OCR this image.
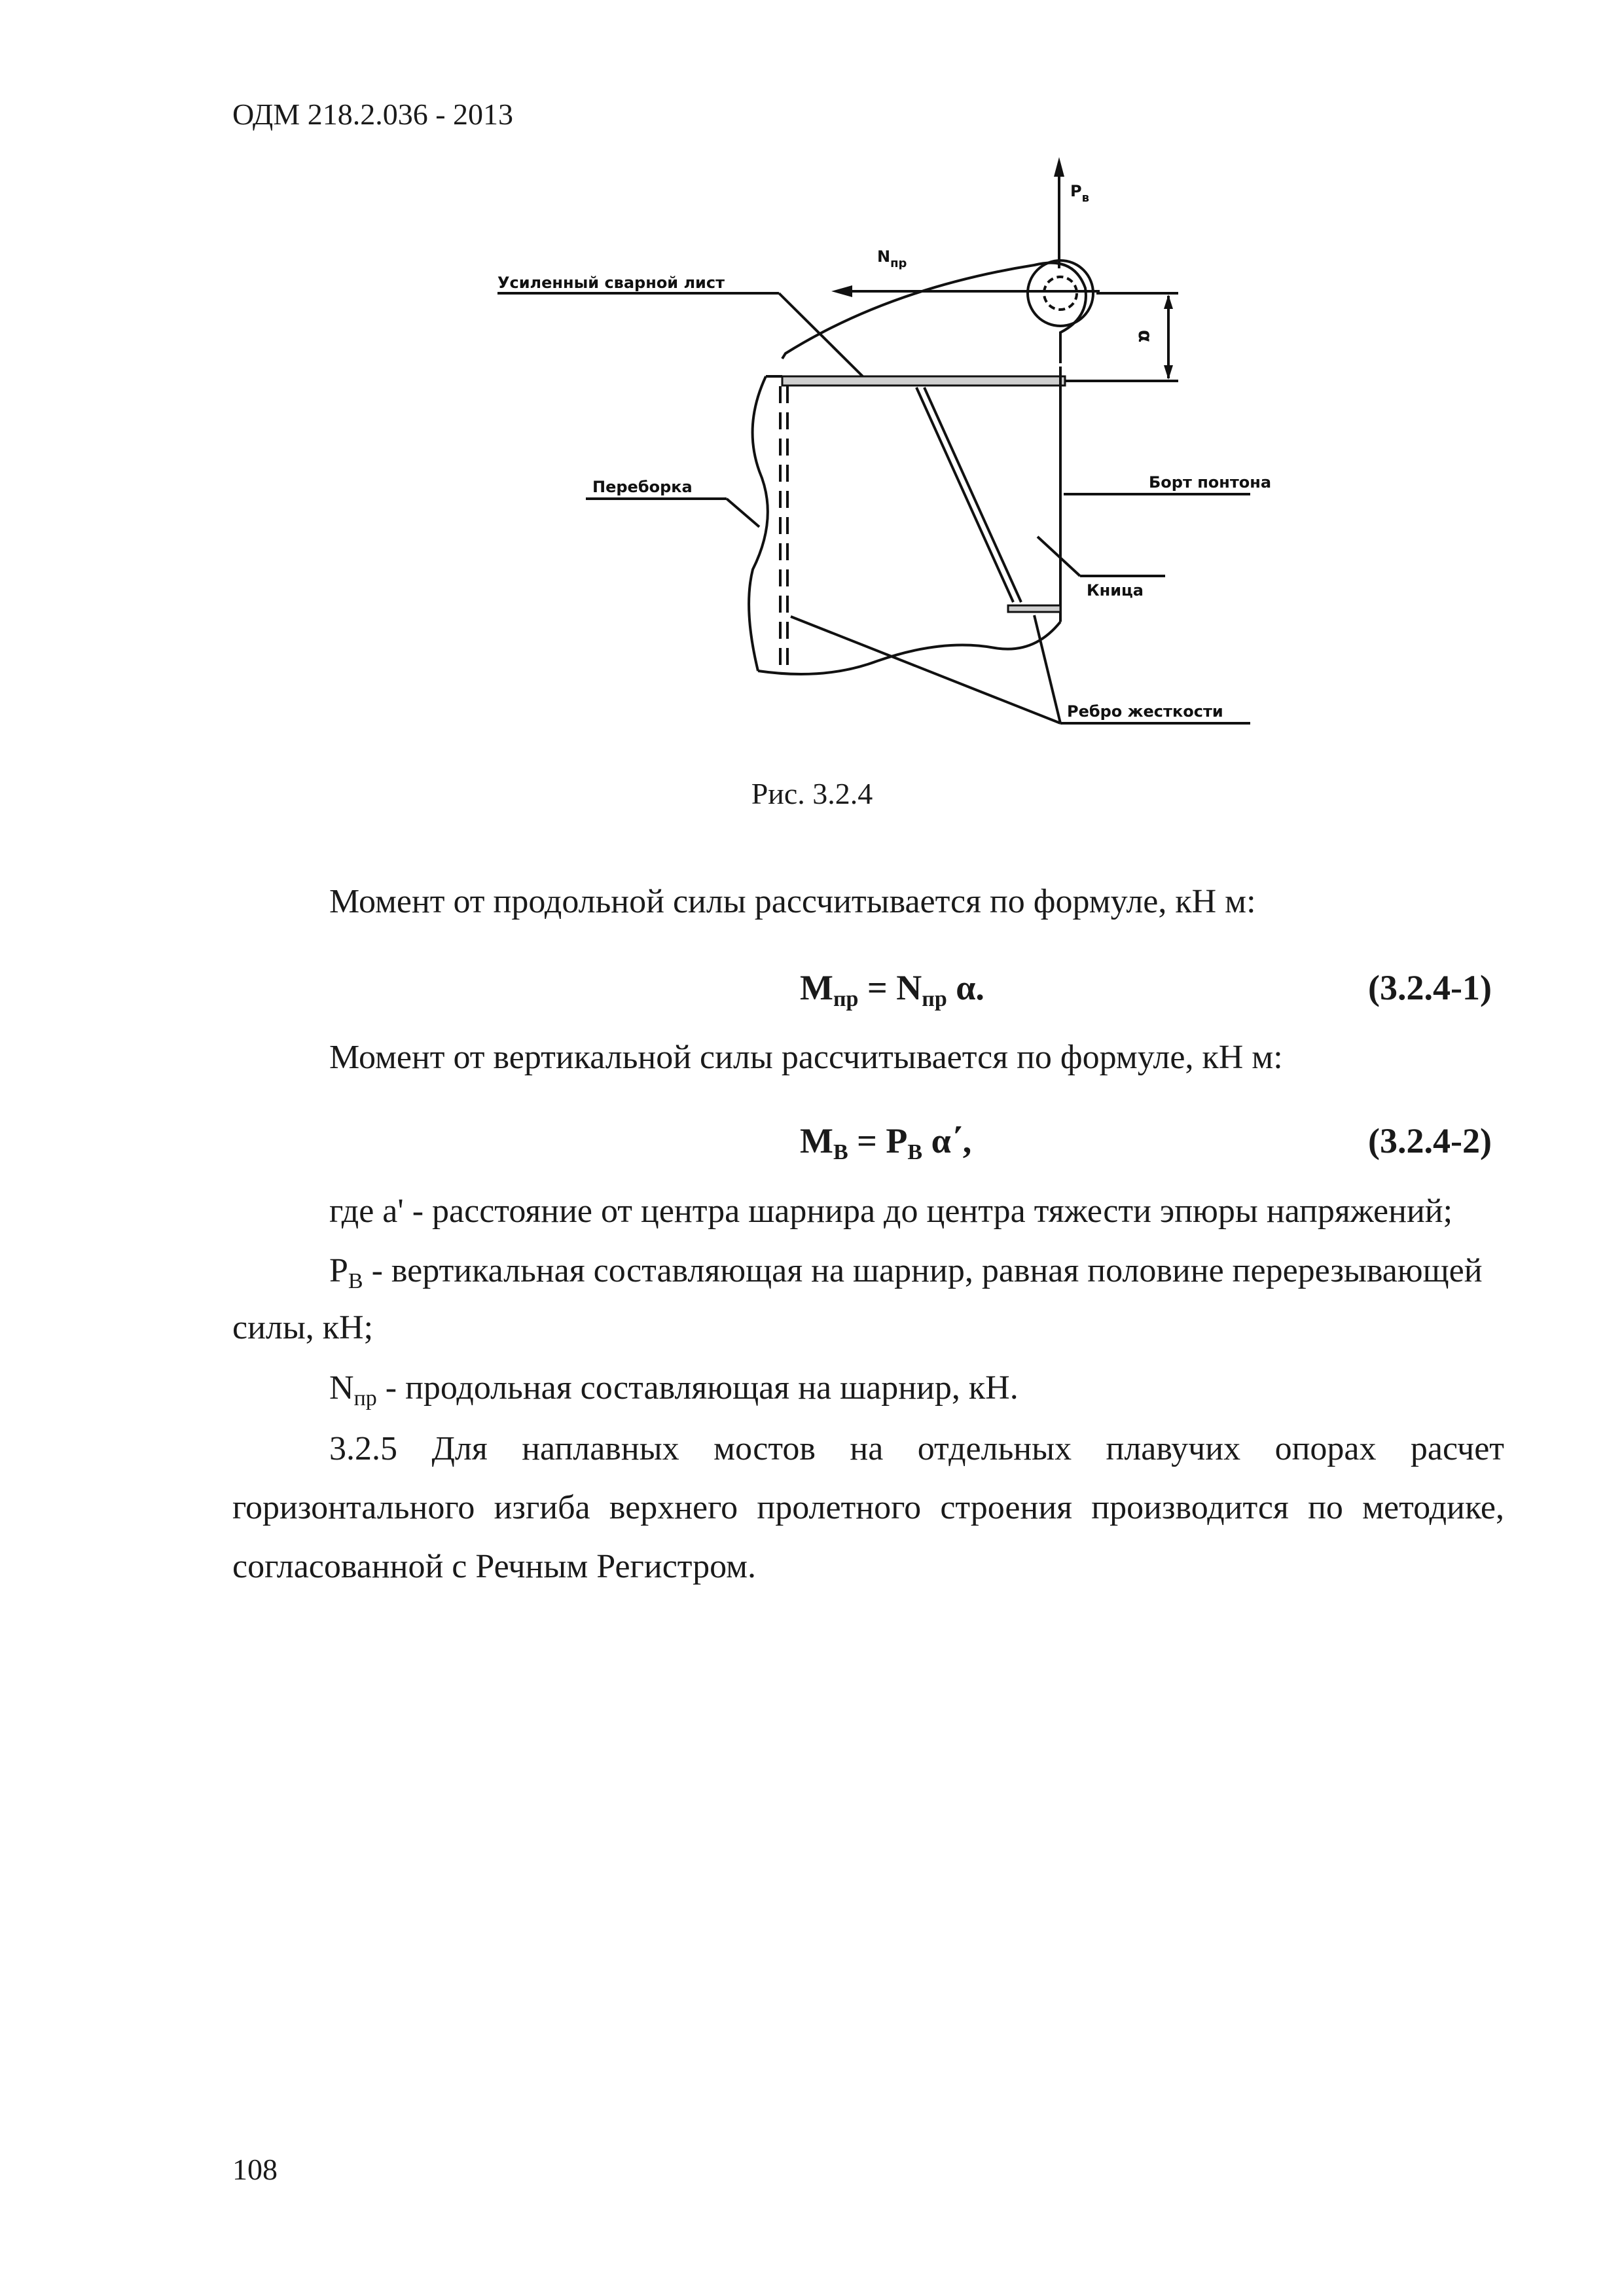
ОДМ 218.2.036 - 2013
$P_в$
$N_{пр}$
α
Усиленный сварной лист
Переборка	Борт понтона
Кница
Ребро жесткости
Рис. 3.2.4
Момент от продольной силы рассчитывается по формуле, кН м:
Mпр = Nпр α.	(3.2.4-1)
Момент от вертикальной силы рассчитывается по формуле, кН м:
MВ = PВ α΄,	(3.2.4-2)
где а' - расстояние от центра шарнира до центра тяжести эпюры напряжений;
PВ - вертикальная составляющая на шарнир, равная половине перерезывающей
силы, кН;
Nпр - продольная составляющая на шарнир, кН.
3.2.5 Для наплавных мостов на отдельных плавучих опорах расчет
горизонтального изгиба верхнего пролетного строения производится по методике,
согласованной с Речным Регистром.
108
